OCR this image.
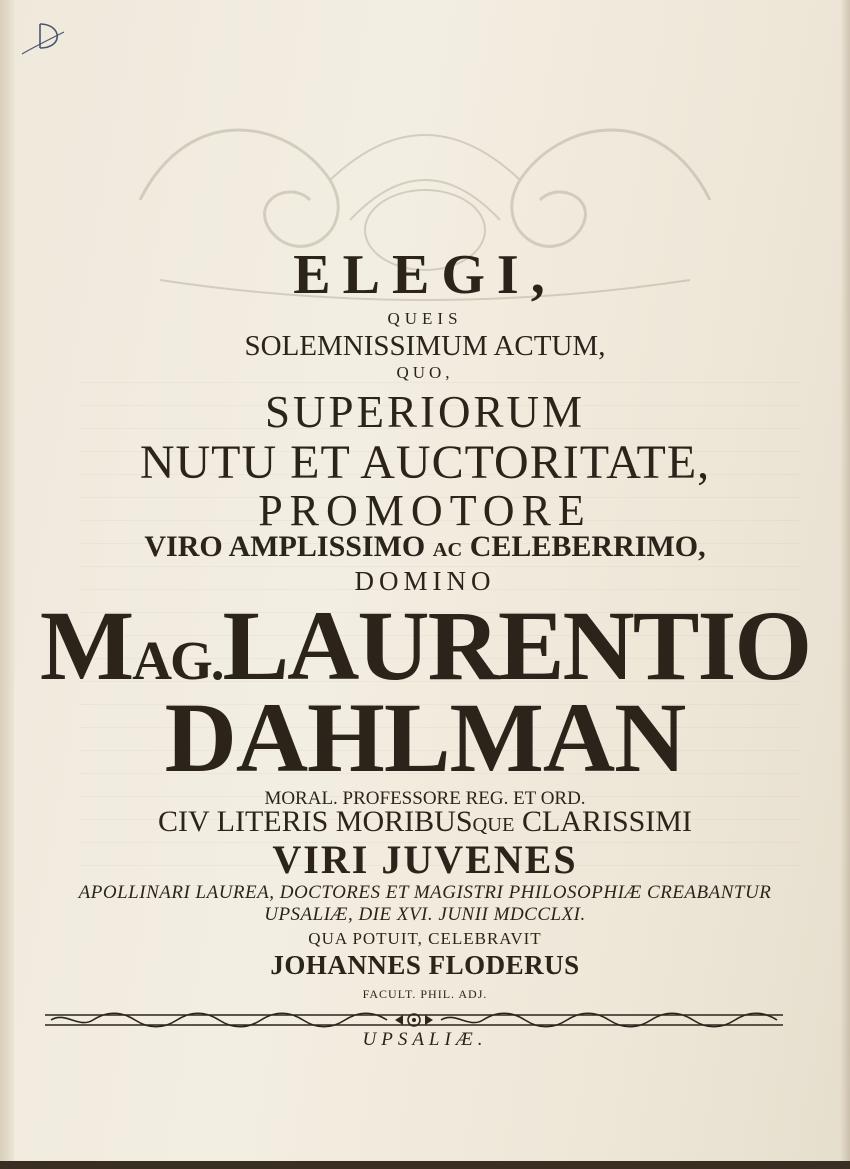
ELEGI,
QUEIS
SOLEMNISSIMUM ACTUM,
QUO,
SUPERIORUM
NUTU ET AUCTORITATE,
PROMOTORE
VIRO AMPLISSIMO AC CELEBERRIMO,
DOMINO
MAG.LAURENTIO
DAHLMAN
MORAL. PROFESSORE REG. ET ORD.
CIV LITERIS MORIBUSQUE CLARISSIMI
VIRI JUVENES
APOLLINARI LAUREA, DOCTORES ET MAGISTRI PHILOSOPHIÆ CREABANTUR
UPSALIÆ, DIE XVI. JUNII MDCCLXI.
QUA POTUIT, CELEBRAVIT
JOHANNES FLODERUS
FACULT. PHIL. ADJ.
UPSALIÆ.
